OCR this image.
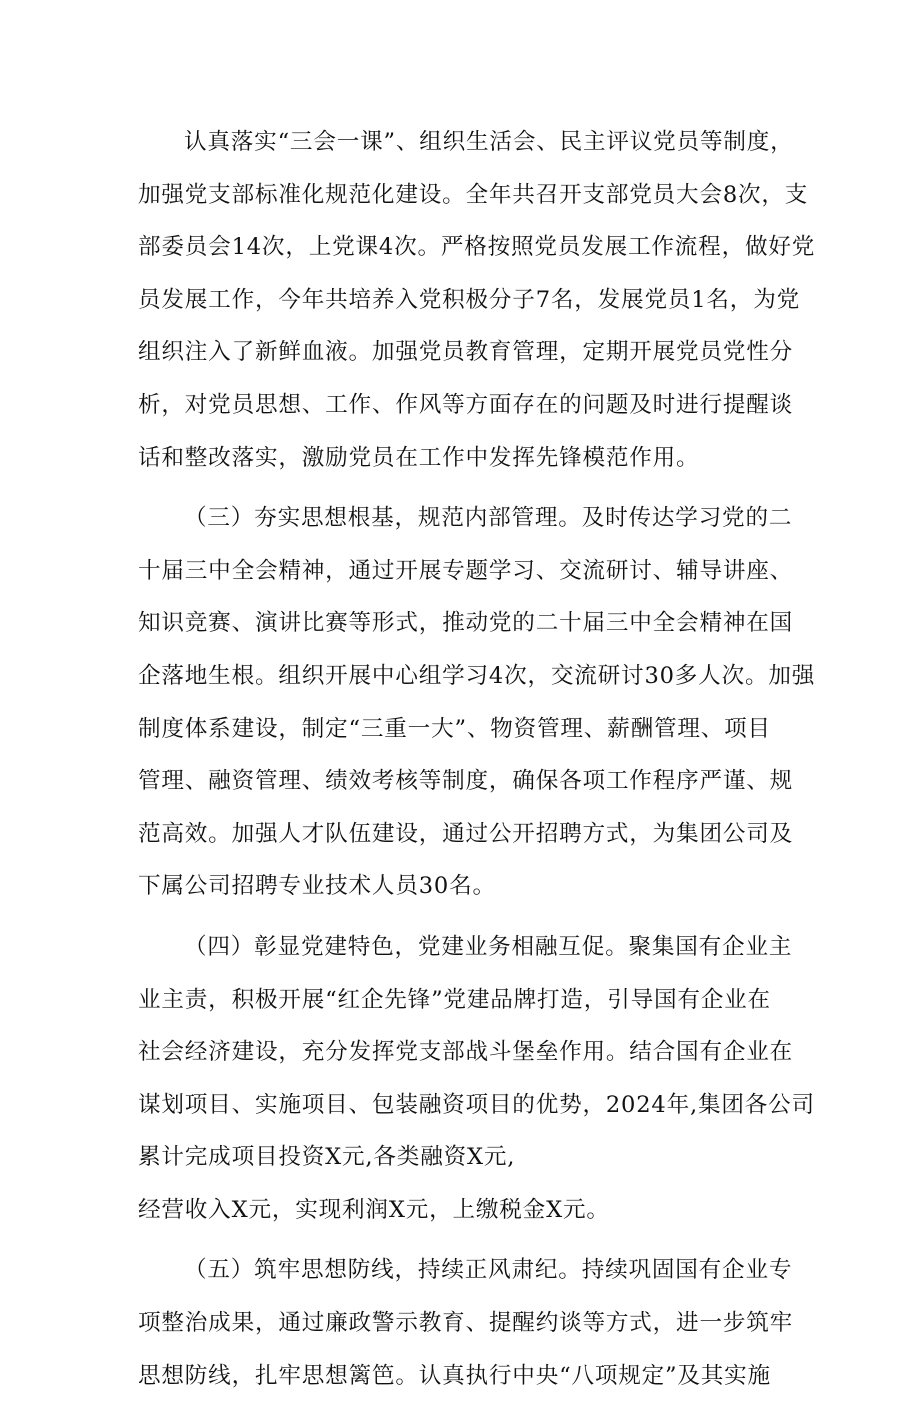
认真落实“三会一课”、组织生活会、民主评议党员等制度，
加强党支部标准化规范化建设。全年共召开支部党员大会8次，支
部委员会14次，上党课4次。严格按照党员发展工作流程，做好党
员发展工作，今年共培养入党积极分子7名，发展党员1名，为党
组织注入了新鲜血液。加强党员教育管理，定期开展党员党性分
析，对党员思想、工作、作风等方面存在的问题及时进行提醒谈
话和整改落实，激励党员在工作中发挥先锋模范作用。
（三）夯实思想根基，规范内部管理。及时传达学习党的二
十届三中全会精神，通过开展专题学习、交流研讨、辅导讲座、
知识竞赛、演讲比赛等形式，推动党的二十届三中全会精神在国
企落地生根。组织开展中心组学习4次，交流研讨30多人次。加强
制度体系建设，制定“三重一大”、物资管理、薪酬管理、项目
管理、融资管理、绩效考核等制度，确保各项工作程序严谨、规
范高效。加强人才队伍建设，通过公开招聘方式，为集团公司及
下属公司招聘专业技术人员30名。
（四）彰显党建特色，党建业务相融互促。聚集国有企业主
业主责，积极开展“红企先锋”党建品牌打造，引导国有企业在
社会经济建设，充分发挥党支部战斗堡垒作用。结合国有企业在
谋划项目、实施项目、包装融资项目的优势，2024年,集团各公司
累计完成项目投资X元,各类融资X元,
经营收入X元，实现利润X元，上缴税金X元。
（五）筑牢思想防线，持续正风肃纪。持续巩固国有企业专
项整治成果，通过廉政警示教育、提醒约谈等方式，进一步筑牢
思想防线，扎牢思想篱笆。认真执行中央“八项规定”及其实施
